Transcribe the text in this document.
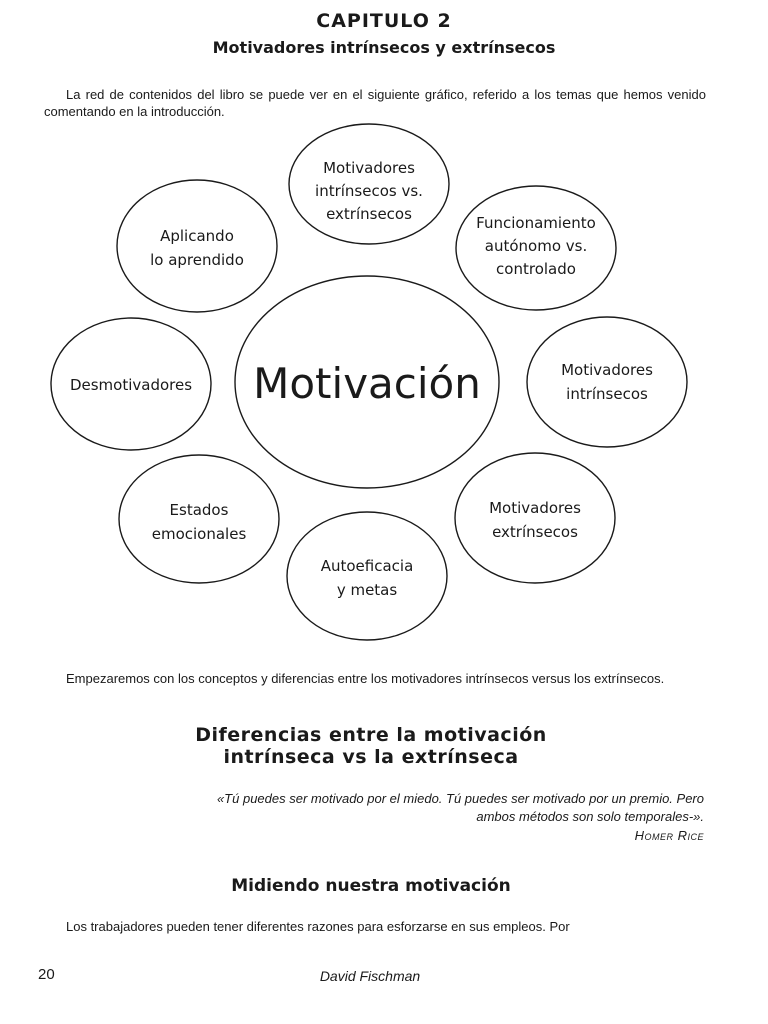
CAPITULO 2
Motivadores intrínsecos y extrínsecos
La red de contenidos del libro se puede ver en el siguiente gráfico, referido a los temas que hemos venido comentando en la introducción.
Motivación
Motivadores
intrínsecos vs.
extrínsecos	Funcionamiento
autónomo vs.
controlado
Motivadores
intrínsecos
Motivadores
extrínsecos
Autoeficacia
y metas
Estados
emocionales
Desmotivadores
Aplicando
lo aprendido
Empezaremos con los conceptos y diferencias entre los motivadores intrínsecos versus los extrínsecos.
Diferencias entre la motivación
intrínseca vs la extrínseca
«Tú puedes ser motivado por el miedo. Tú puedes ser motivado por un premio. Pero
ambos métodos son solo temporales-».
Homer Rice
Midiendo nuestra motivación
Los trabajadores pueden tener diferentes razones para esforzarse en sus empleos. Por
20	David Fischman
